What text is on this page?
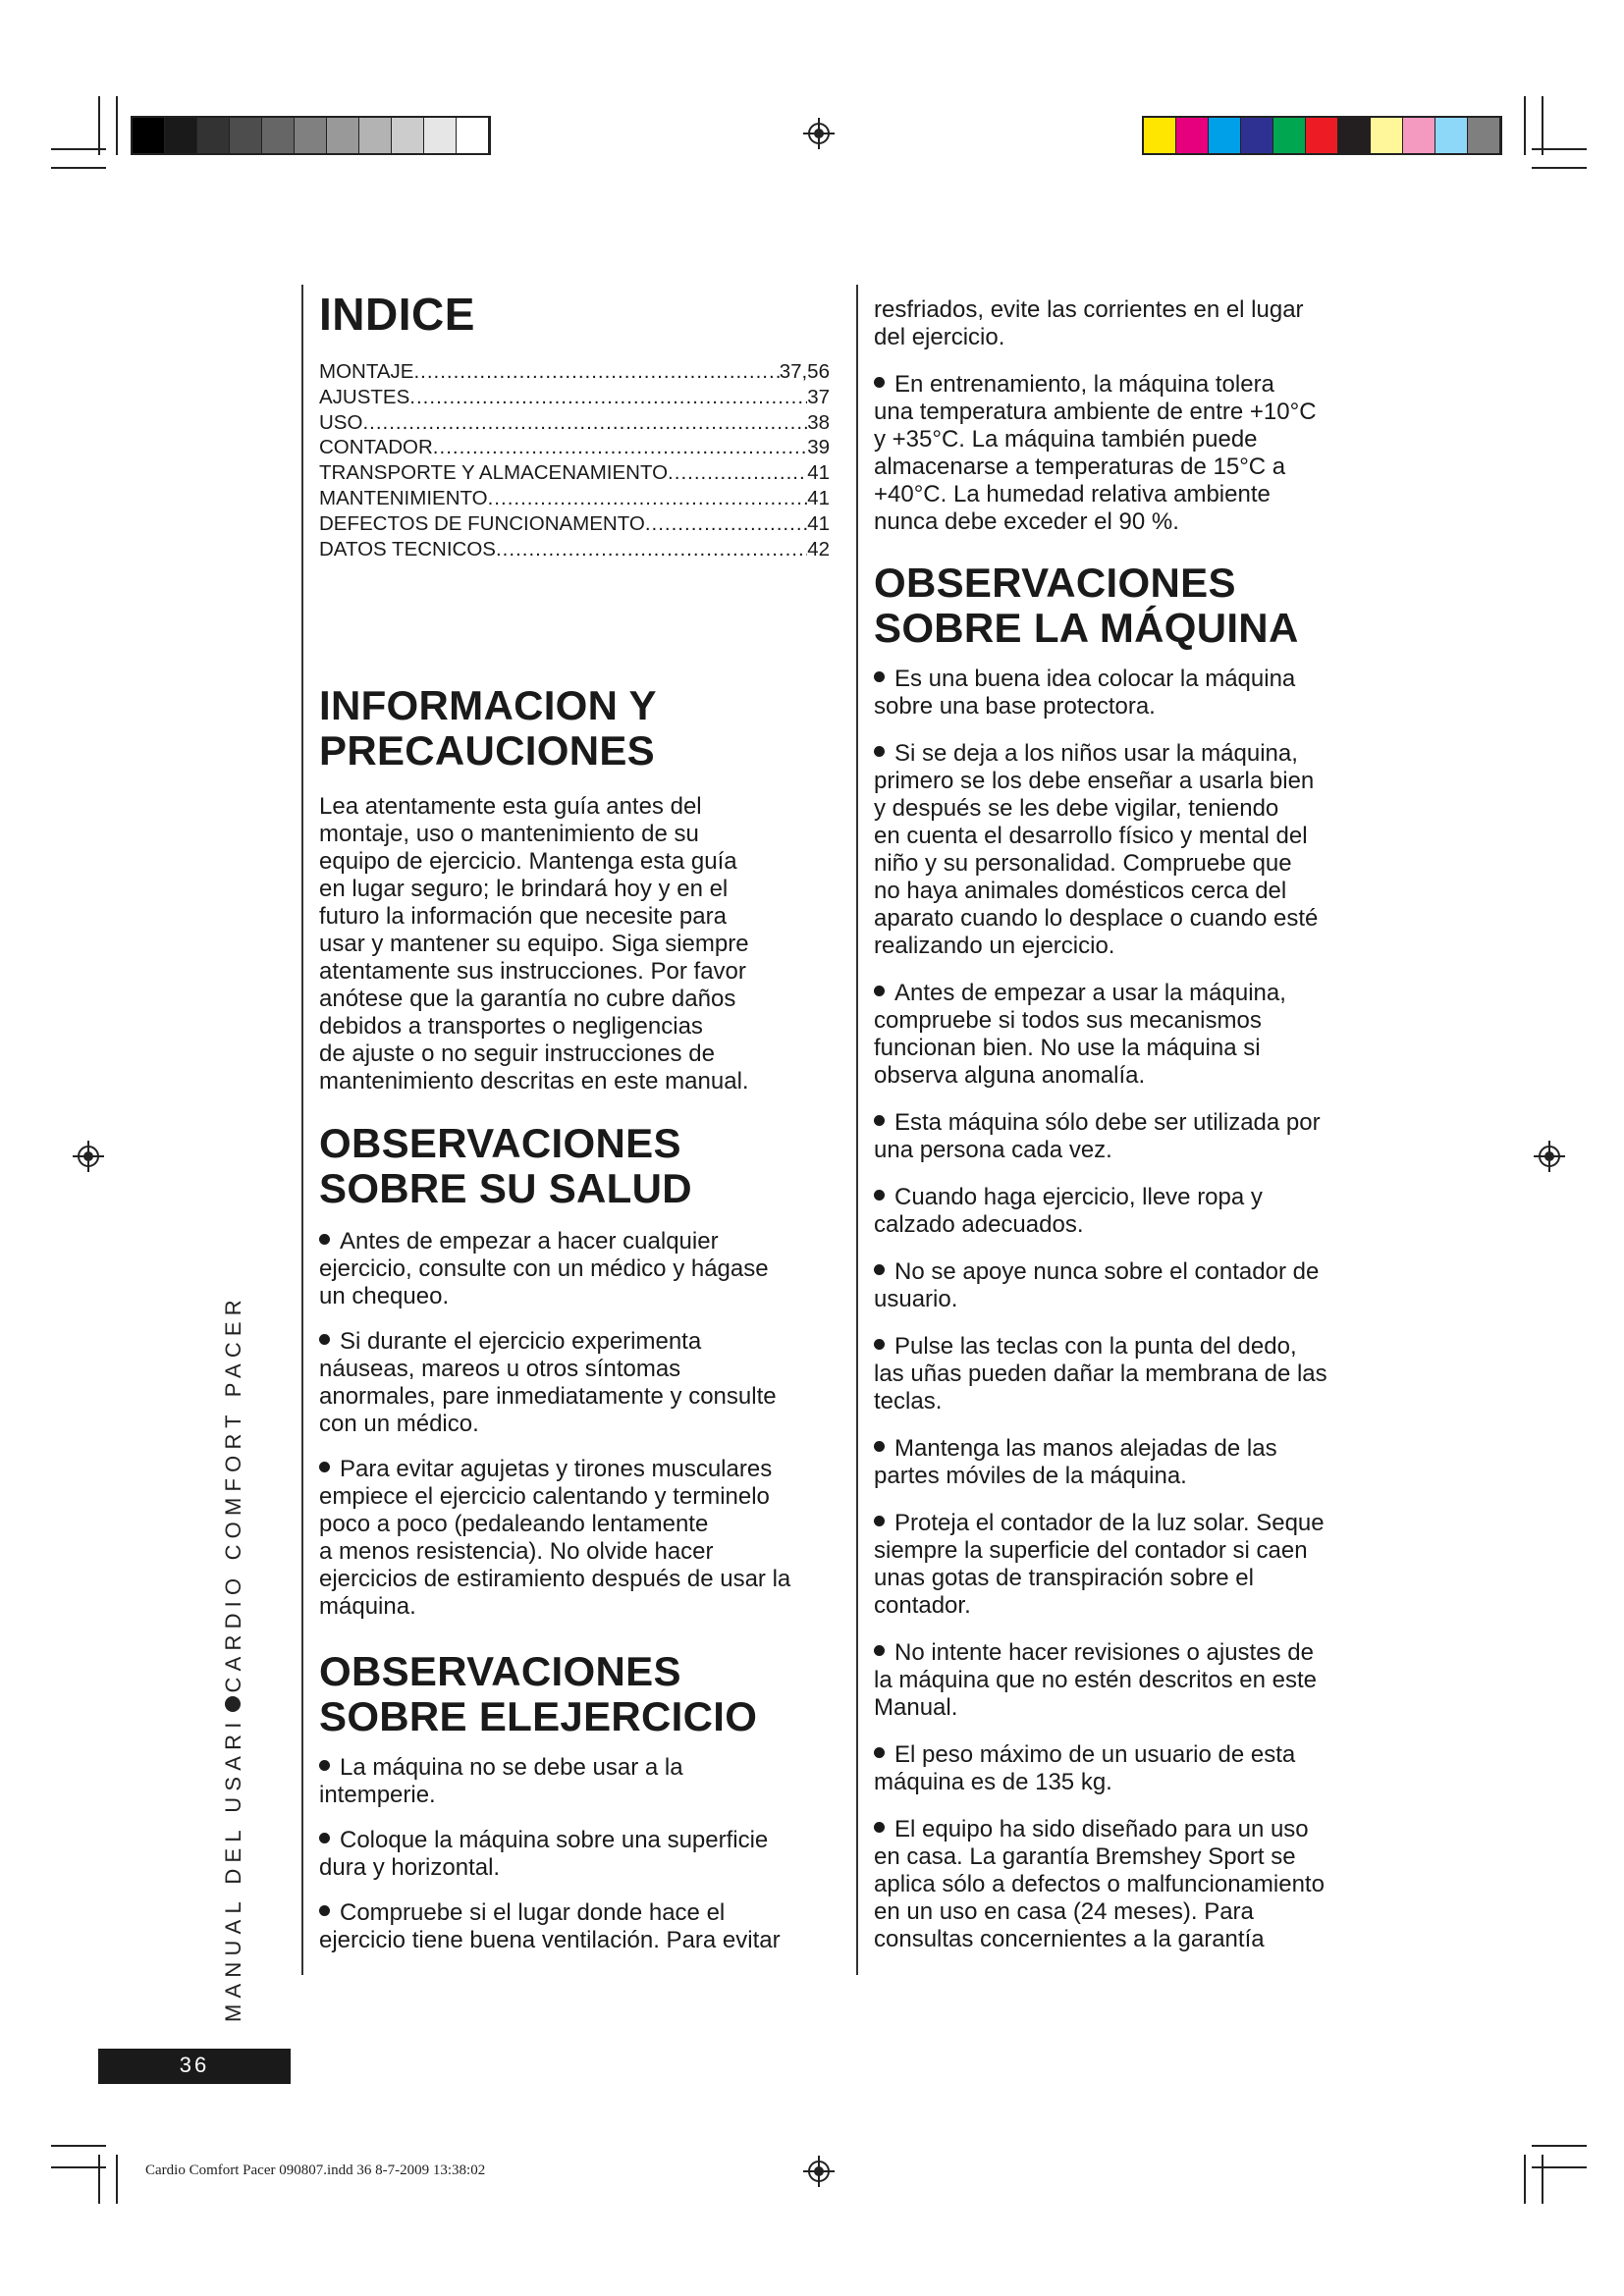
INDICE
MONTAJE .....	37,56
AJUSTES .....	37
USO .....	38
CONTADOR .....	39
TRANSPORTE Y ALMACENAMIENTO .....	41
MANTENIMIENTO .....	41
DEFECTOS DE FUNCIONAMENTO .....	41
DATOS TECNICOS .....	42
INFORMACION Y
PRECAUCIONES
Lea atentamente esta guía antes del
montaje, uso o mantenimiento de su
equipo de ejercicio. Mantenga esta guía
en lugar seguro; le brindará hoy y en el
futuro la información que necesite para
usar y mantener su equipo. Siga siempre
atentamente sus instrucciones. Por favor
anótese que la garantía no cubre daños
debidos a transportes o negligencias
de ajuste o no seguir instrucciones de
mantenimiento descritas en este manual.
OBSERVACIONES
SOBRE SU SALUD
Antes de empezar a hacer cualquier
ejercicio, consulte con un médico y hágase
un chequeo.
Si durante el ejercicio experimenta
náuseas, mareos u otros síntomas
anormales, pare inmediatamente y consulte
con un médico.
Para evitar agujetas y tirones musculares
empiece el ejercicio calentando y terminelo
poco a poco (pedaleando lentamente
a menos resistencia). No olvide hacer
ejercicios de estiramiento después de usar la
máquina.
OBSERVACIONES
SOBRE ELEJERCICIO
La máquina no se debe usar a la
intemperie.
Coloque la máquina sobre una superficie
dura y horizontal.
Compruebe si el lugar donde hace el
ejercicio tiene buena ventilación. Para evitar
resfriados, evite las corrientes en el lugar
del ejercicio.
En entrenamiento, la máquina tolera
una temperatura ambiente de entre +10°C
y +35°C. La máquina también puede
almacenarse a temperaturas de 15°C a
+40°C. La humedad relativa ambiente
nunca debe exceder el 90 %.
OBSERVACIONES
SOBRE LA MÁQUINA
Es una buena idea colocar la máquina
sobre una base protectora.
Si se deja a los niños usar la máquina,
primero se los debe enseñar a usarla bien
y después se les debe vigilar, teniendo
en cuenta el desarrollo físico y mental del
niño y su personalidad. Compruebe que
no haya animales domésticos cerca del
aparato cuando lo desplace o cuando esté
realizando un ejercicio.
Antes de empezar a usar la máquina,
compruebe si todos sus mecanismos
funcionan bien. No use la máquina si
observa alguna anomalía.
Esta máquina sólo debe ser utilizada por
una persona cada vez.
Cuando haga ejercicio, lleve ropa y
calzado adecuados.
No se apoye nunca sobre el contador de
usuario.
Pulse las teclas con la punta del dedo,
las uñas pueden dañar la membrana de las
teclas.
Mantenga las manos alejadas de las
partes móviles de la máquina.
Proteja el contador de la luz solar. Seque
siempre la superficie del contador si caen
unas gotas de transpiración sobre el
contador.
No intente hacer revisiones o ajustes de
la máquina que no estén descritos en este
Manual.
El peso máximo de un usuario de esta
máquina es de 135 kg.
El equipo ha sido diseñado para un uso
en casa. La garantía Bremshey Sport se
aplica sólo a defectos o malfuncionamiento
en un uso en casa (24 meses). Para
consultas concernientes a la garantía
MANUAL DEL USARICARDIO COMFORT PACER
36
Cardio Comfort Pacer 090807.indd 36 8-7-2009 13:38:02
